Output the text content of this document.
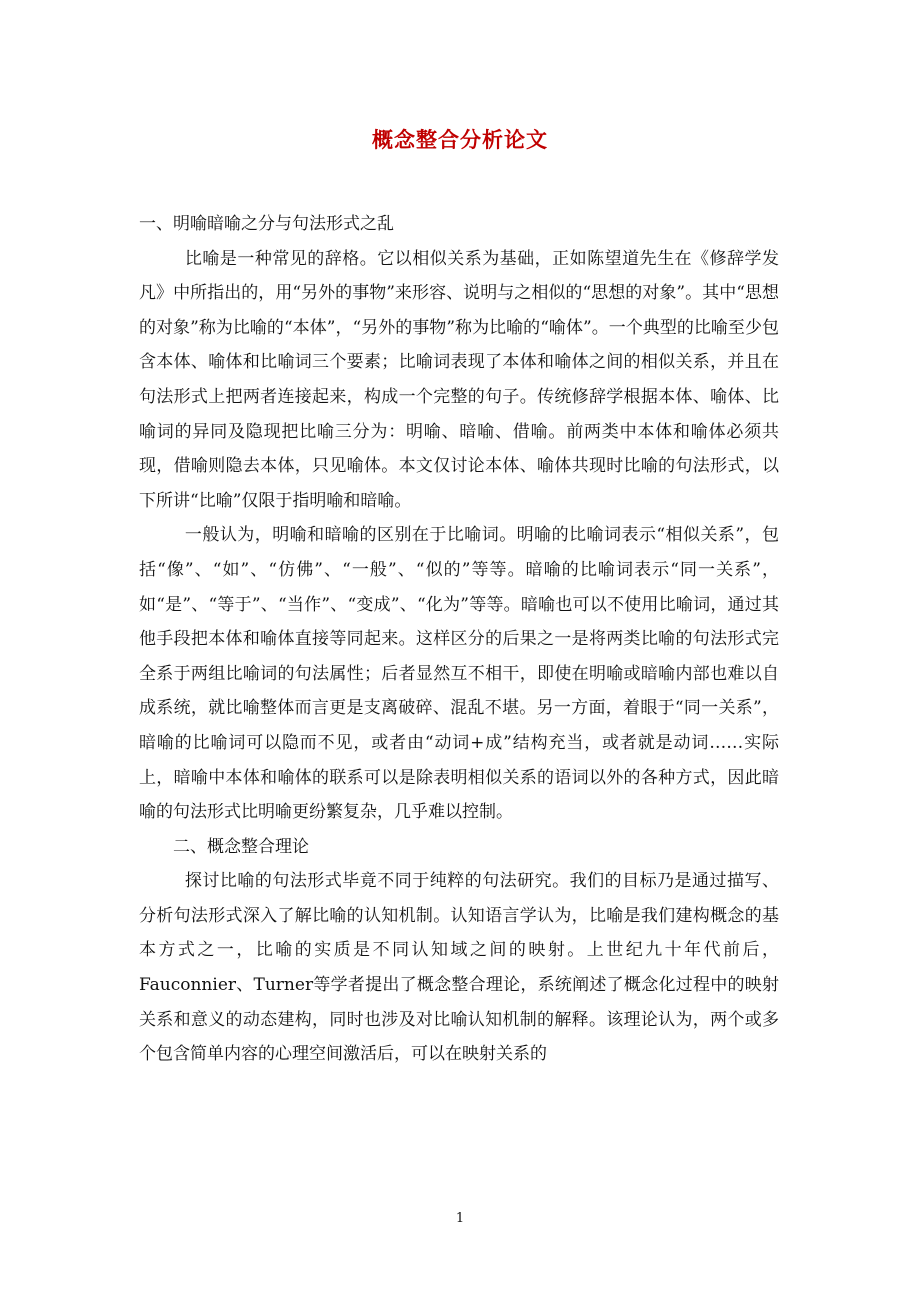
概念整合分析论文

一、明喻暗喻之分与句法形式之乱

比喻是一种常见的辞格。它以相似关系为基础，正如陈望道先生在《修辞学发凡》中所指出的，用“另外的事物”来形容、说明与之相似的“思想的对象”。其中“思想的对象”称为比喻的“本体”，“另外的事物”称为比喻的“喻体”。一个典型的比喻至少包含本体、喻体和比喻词三个要素；比喻词表现了本体和喻体之间的相似关系，并且在句法形式上把两者连接起来，构成一个完整的句子。传统修辞学根据本体、喻体、比喻词的异同及隐现把比喻三分为：明喻、暗喻、借喻。前两类中本体和喻体必须共现，借喻则隐去本体，只见喻体。本文仅讨论本体、喻体共现时比喻的句法形式，以下所讲“比喻”仅限于指明喻和暗喻。

一般认为，明喻和暗喻的区别在于比喻词。明喻的比喻词表示“相似关系”，包括“像”、“如”、“仿佛”、“一般”、“似的”等等。暗喻的比喻词表示“同一关系”，如“是”、“等于”、“当作”、“变成”、“化为”等等。暗喻也可以不使用比喻词，通过其他手段把本体和喻体直接等同起来。这样区分的后果之一是将两类比喻的句法形式完全系于两组比喻词的句法属性；后者显然互不相干，即使在明喻或暗喻内部也难以自成系统，就比喻整体而言更是支离破碎、混乱不堪。另一方面，着眼于“同一关系”，暗喻的比喻词可以隐而不见，或者由“动词+成”结构充当，或者就是动词……实际上，暗喻中本体和喻体的联系可以是除表明相似关系的语词以外的各种方式，因此暗喻的句法形式比明喻更纷繁复杂，几乎难以控制。

二、概念整合理论

探讨比喻的句法形式毕竟不同于纯粹的句法研究。我们的目标乃是通过描写、分析句法形式深入了解比喻的认知机制。认知语言学认为，比喻是我们建构概念的基本方式之一，比喻的实质是不同认知域之间的映射。上世纪九十年代前后，Fauconnier、Turner等学者提出了概念整合理论，系统阐述了概念化过程中的映射关系和意义的动态建构，同时也涉及对比喻认知机制的解释。该理论认为，两个或多个包含简单内容的心理空间激活后，可以在映射关系的

1
